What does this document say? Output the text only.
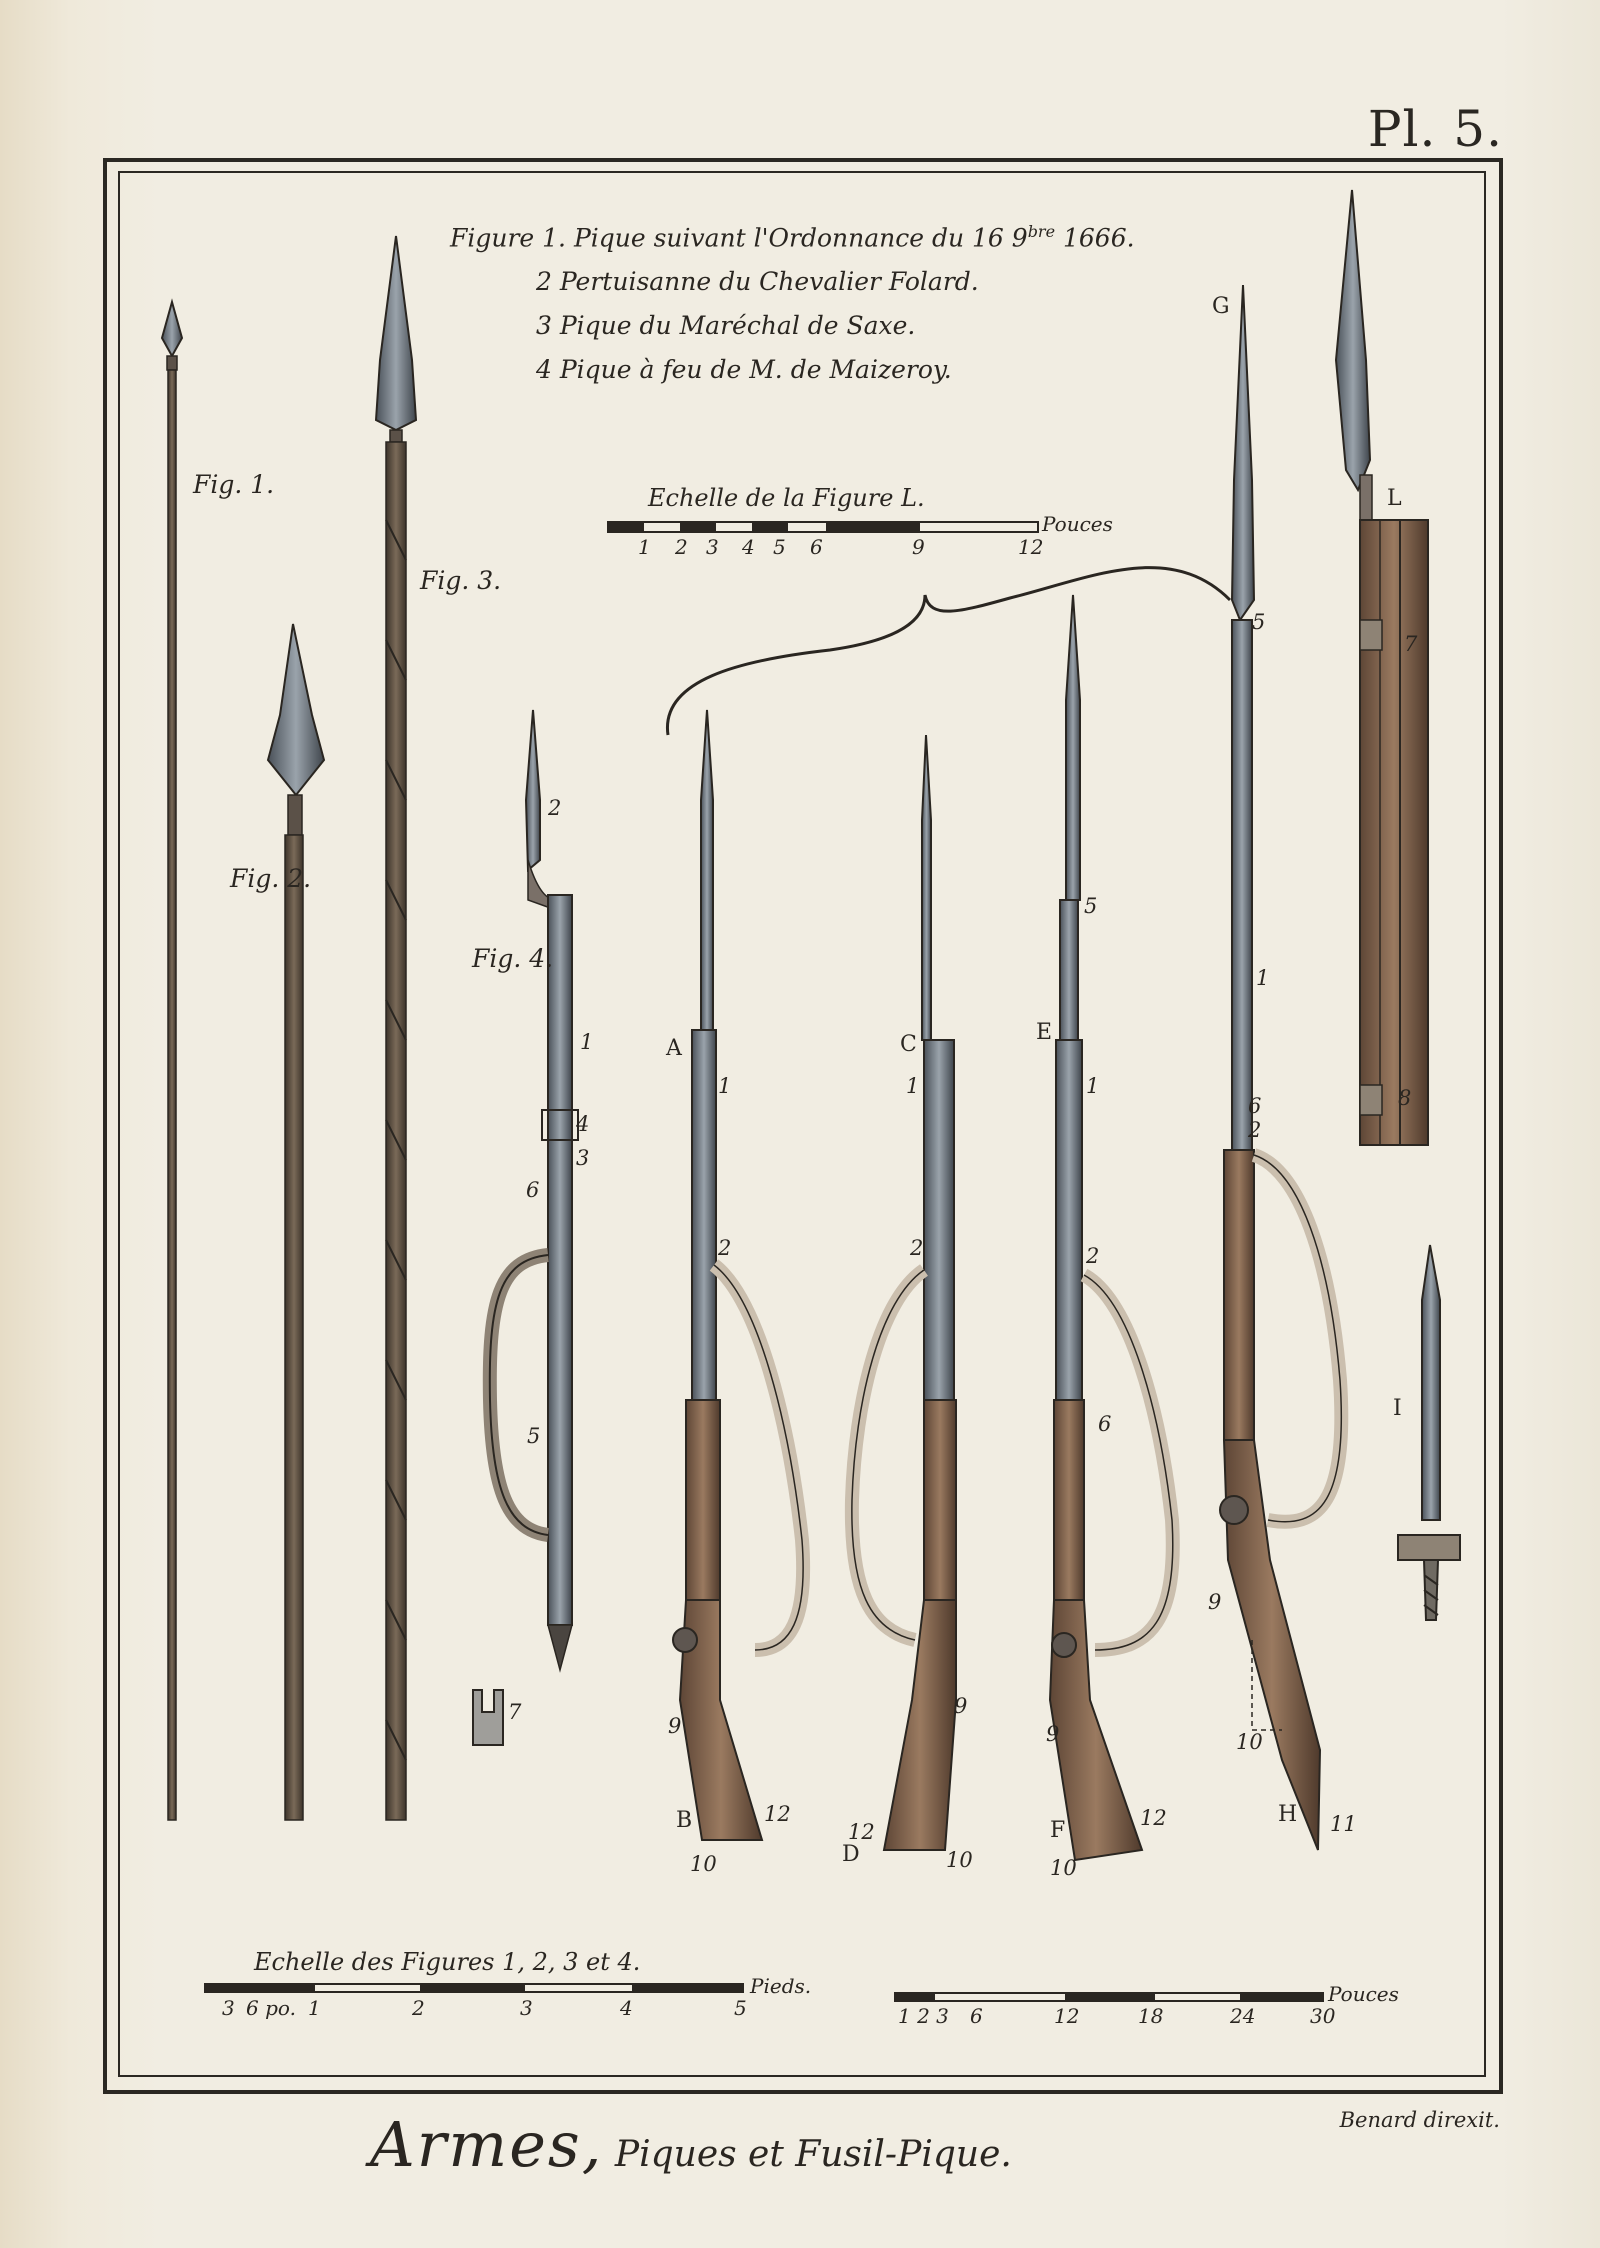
Pl. 5.
Figure 1. Pique suivant l'Ordonnance du 16 $9^{bre}$ 1666.
2 Pertuisanne du Chevalier Folard.
3 Pique du Maréchal de Saxe.
4 Pique à feu de M. de Maizeroy.
Fig. 1.
Fig. 2.
Fig. 3.
Fig. 4.
Echelle de la Figure L.
Pouces
1 2 3 4 5 6	9	12
A
B
C
D
E
F
G
H
I
L
2
1
4
3
6
5
7
1
2
9
12
10
1
2
9
12
10
5
1
2
6
9
12
10
5
1
6
2
9
10
11
7
8
Echelle des Figures 1, 2, 3 et 4.
Pieds.
3 6 po. 1	2	3	4	5
Pouces
1 2 3 6	12	18	24	30
Armes, Piques et Fusil-Pique.
Benard direxit.
